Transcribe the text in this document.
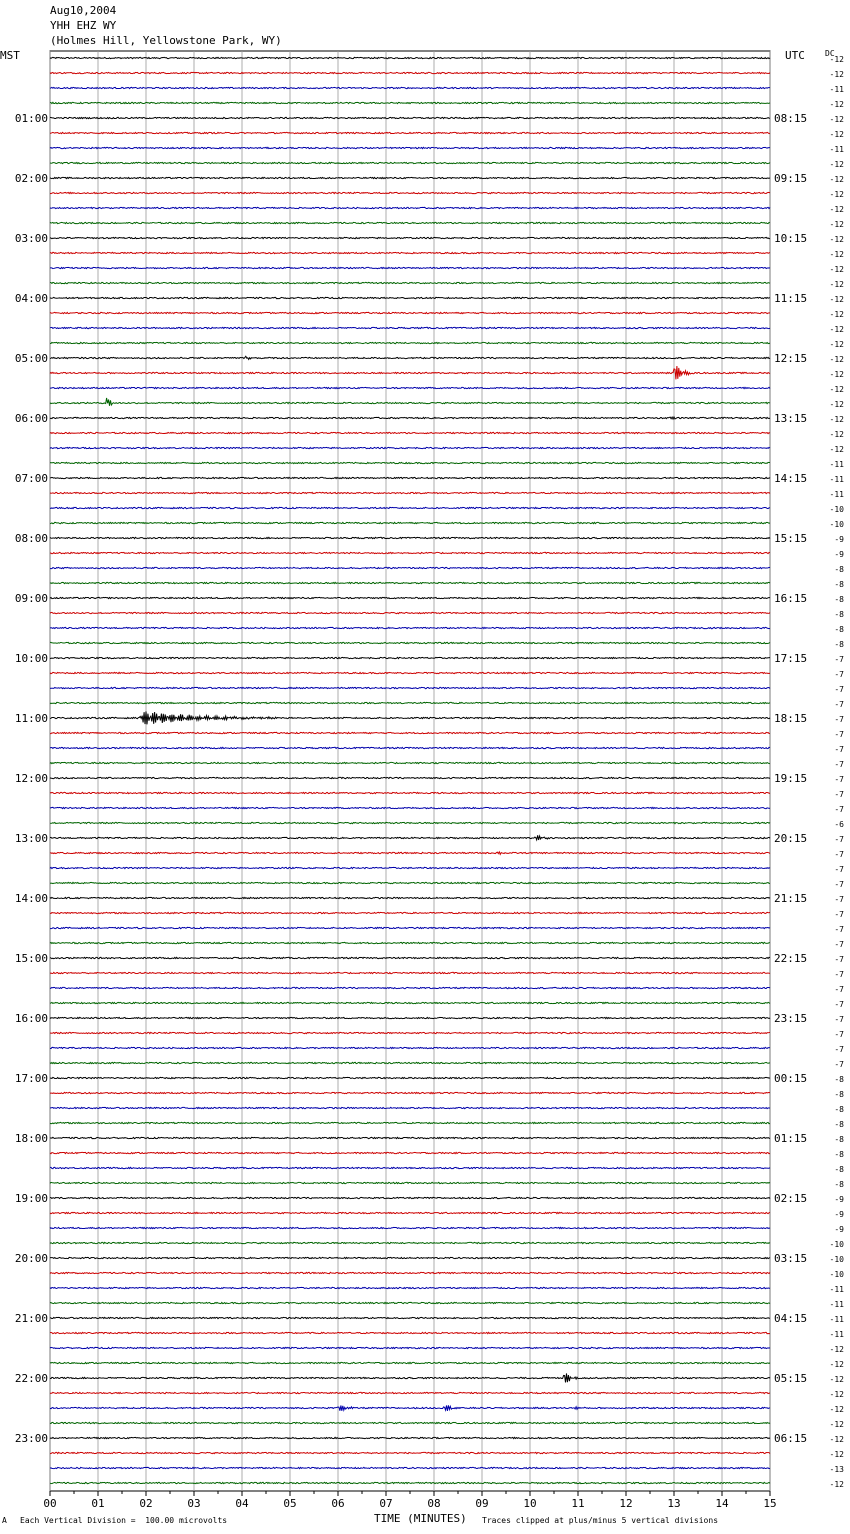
Aug10,2004
YHH EHZ WY
(Holmes Hill, Yellowstone Park, WY)
MST	UTC	DC
00	01	02	03	04	05	06	07	08	09	10	11	12	13	14	15
-12
-12
-11
-12
-12
-12
-11
-12
-12
-12
-12
-12
-12
-12
-12
-12
-12
-12
-12
-12
-12
-12
-12
-12
-12
-12
-12
-11
-11
-11
-10
-10
-9
-9
-8
-8
-8
-8
-8
-8
-7
-7
-7
-7
-7
-7
-7
-7
-7
-7
-7
-6
-7
-7
-7
-7
-7
-7
-7
-7
-7
-7
-7
-7
-7
-7
-7
-7
-8
-8
-8
-8
-8
-8
-8
-8
-9
-9
-9
-10
-10
-10
-11
-11
-11
-11
-12
-12
-12
-12
-12
-12
-12
-12
-13
-12
01:00
02:00
03:00
04:00
05:00
06:00
07:00
08:00
09:00
10:00
11:00
12:00
13:00
14:00
15:00
16:00
17:00
18:00
19:00
20:00
21:00
22:00
23:00
08:15
09:15
10:15
11:15
12:15
13:15
14:15
15:15
16:15
17:15
18:15
19:15
20:15
21:15
22:15
23:15
00:15
01:15
02:15
03:15
04:15
05:15
06:15
A Each Vertical Division =  100.00 microvolts	TIME (MINUTES) Traces clipped at plus/minus 5 vertical divisions
